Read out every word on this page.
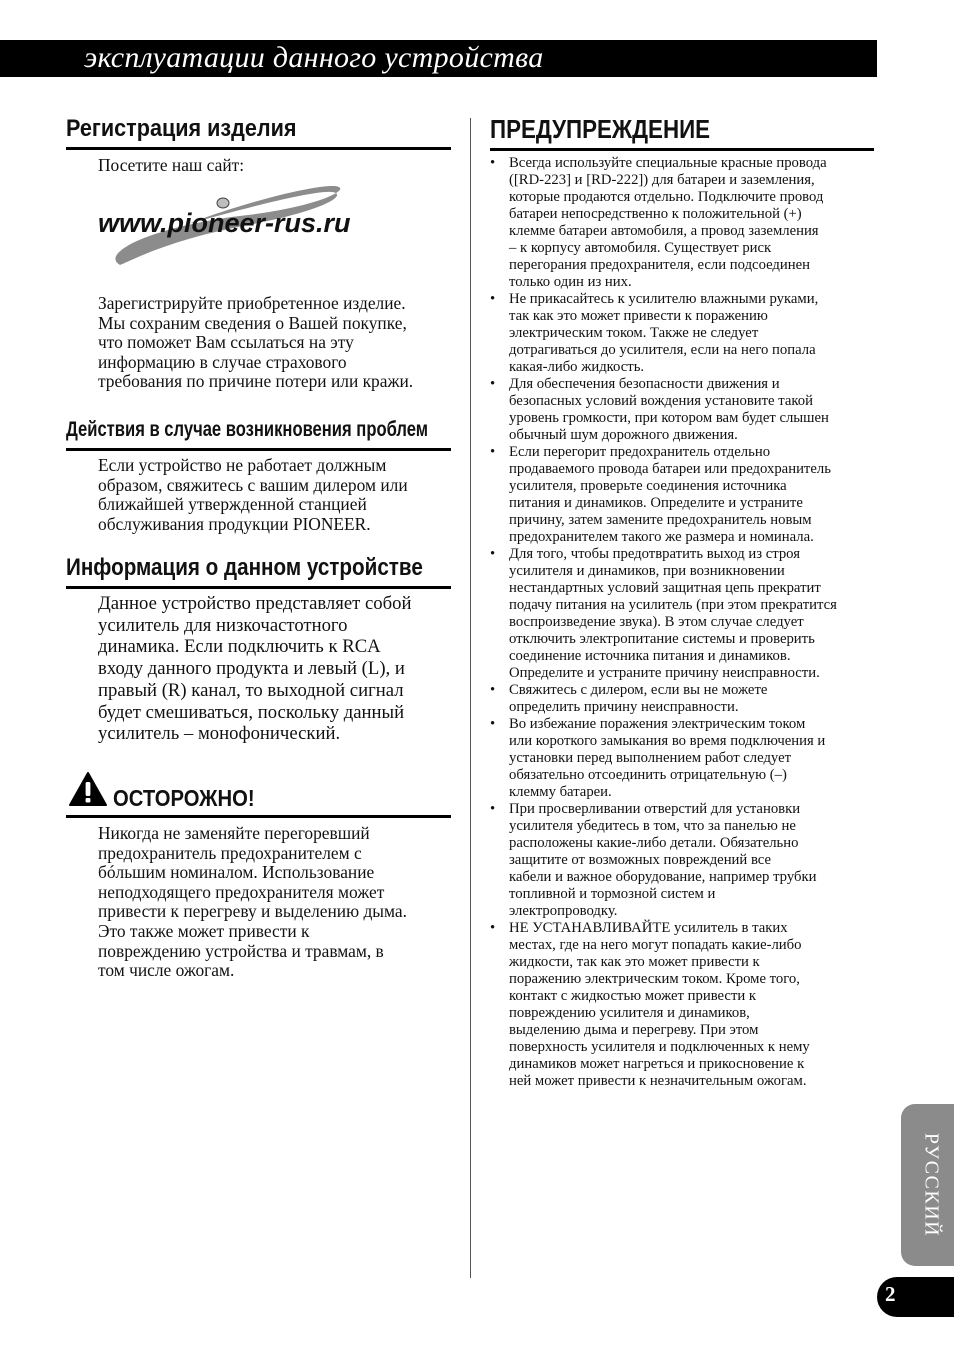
эксплуатации данного устройства
Регистрация изделия
Посетите наш сайт:
www.pioneer-rus.ru
Зарегистрируйте приобретенное изделие.
Мы сохраним сведения о Вашей покупке,
что поможет Вам ссылаться на эту
информацию в случае страхового
требования по причине потери или кражи.
Действия в случае возникновения проблем
Если устройство не работает должным
образом, свяжитесь с вашим дилером или
ближайшей утвержденной станцией
обслуживания продукции PIONEER.
Информация о данном устройстве
Данное устройство представляет собой
усилитель для низкочастотного
динамика. Если подключить к RCA
входу данного продукта и левый (L), и
правый (R) канал, то выходной сигнал
будет смешиваться, поскольку данный
усилитель – монофонический.
ОСТОРОЖНО!
Никогда не заменяйте перегоревший
предохранитель предохранителем с
бóльшим номиналом. Использование
неподходящего предохранителя может
привести к перегреву и выделению дыма.
Это также может привести к
повреждению устройства и травмам, в
том числе ожогам.
ПРЕДУПРЕЖДЕНИЕ
• Всегда используйте специальные красные провода
([RD-223] и [RD-222]) для батареи и заземления,
которые продаются отдельно. Подключите провод
батареи непосредственно к положительной (+)
клемме батареи автомобиля, а провод заземления
– к корпусу автомобиля. Существует риск
перегорания предохранителя, если подсоединен
только один из них.
• Не прикасайтесь к усилителю влажными руками,
так как это может привести к поражению
электрическим током. Также не следует
дотрагиваться до усилителя, если на него попала
какая-либо жидкость.
• Для обеспечения безопасности движения и
безопасных условий вождения установите такой
уровень громкости, при котором вам будет слышен
обычный шум дорожного движения.
• Если перегорит предохранитель отдельно
продаваемого провода батареи или предохранитель
усилителя, проверьте соединения источника
питания и динамиков. Определите и устраните
причину, затем замените предохранитель новым
предохранителем такого же размера и номинала.
• Для того, чтобы предотвратить выход из строя
усилителя и динамиков, при возникновении
нестандартных условий защитная цепь прекратит
подачу питания на усилитель (при этом прекратится
воспроизведение звука). В этом случае следует
отключить электропитание системы и проверить
соединение источника питания и динамиков.
Определите и устраните причину неисправности.
• Свяжитесь с дилером, если вы не можете
определить причину неисправности.
• Во избежание поражения электрическим током
или короткого замыкания во время подключения и
установки перед выполнением работ следует
обязательно отсоединить отрицательную (–)
клемму батареи.
• При просверливании отверстий для установки
усилителя убедитесь в том, что за панелью не
расположены какие-либо детали. Обязательно
защитите от возможных повреждений все
кабели и важное оборудование, например трубки
топливной и тормозной систем и
электропроводку.
• НЕ УСТАНАВЛИВАЙТЕ усилитель в таких
местах, где на него могут попадать какие-либо
жидкости, так как это может привести к
поражению электрическим током. Кроме того,
контакт с жидкостью может привести к
повреждению усилителя и динамиков,
выделению дыма и перегреву. При этом
поверхность усилителя и подключенных к нему
динамиков может нагреться и прикосновение к
ней может привести к незначительным ожогам.
РУССКИЙ
2
